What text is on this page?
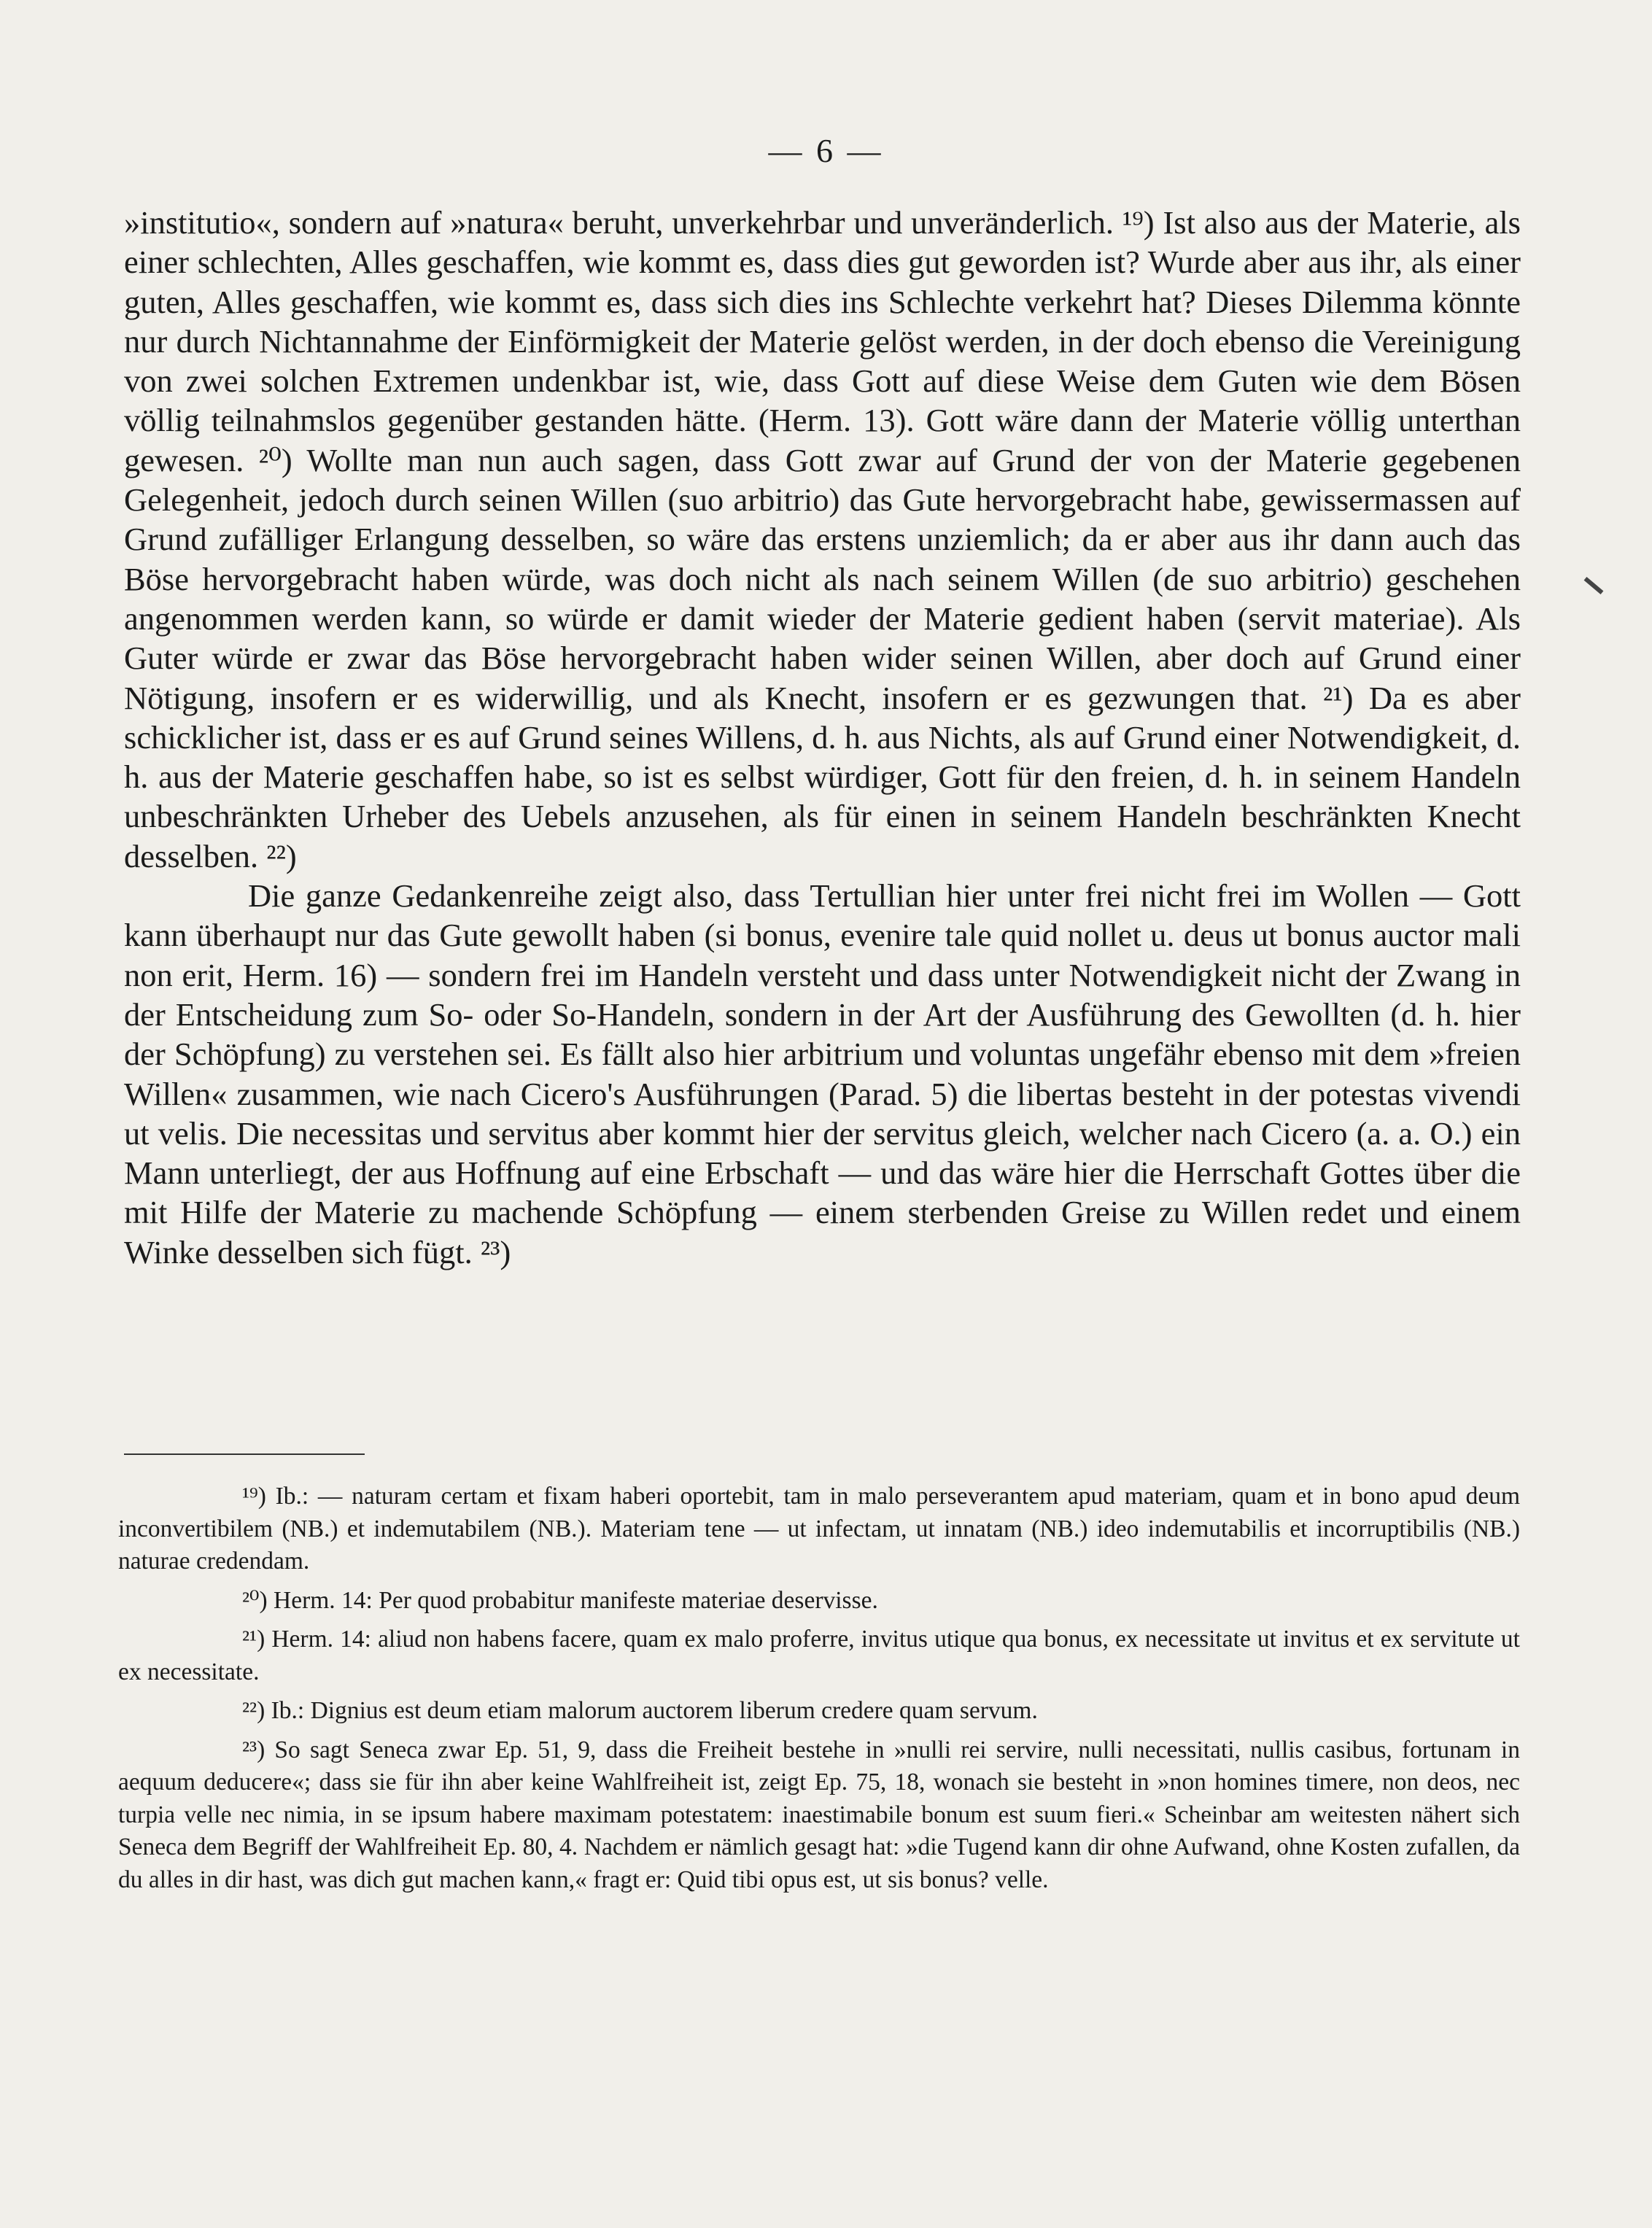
— 6 —

»institutio«, sondern auf »natura« beruht, unverkehrbar und unveränderlich. ¹⁹) Ist also aus der Materie, als einer schlechten, Alles geschaffen, wie kommt es, dass dies gut geworden ist? Wurde aber aus ihr, als einer guten, Alles geschaffen, wie kommt es, dass sich dies ins Schlechte verkehrt hat? Dieses Dilemma könnte nur durch Nichtannahme der Einförmigkeit der Materie gelöst werden, in der doch ebenso die Vereinigung von zwei solchen Extremen undenkbar ist, wie, dass Gott auf diese Weise dem Guten wie dem Bösen völlig teilnahmslos gegenüber gestanden hätte. (Herm. 13). Gott wäre dann der Materie völlig unterthan gewesen. ²⁰) Wollte man nun auch sagen, dass Gott zwar auf Grund der von der Materie gegebenen Gelegenheit, jedoch durch seinen Willen (suo arbitrio) das Gute hervorgebracht habe, gewissermassen auf Grund zufälliger Erlangung desselben, so wäre das erstens unziemlich; da er aber aus ihr dann auch das Böse hervorgebracht haben würde, was doch nicht als nach seinem Willen (de suo arbitrio) geschehen angenommen werden kann, so würde er damit wieder der Materie gedient haben (servit materiae). Als Guter würde er zwar das Böse hervorgebracht haben wider seinen Willen, aber doch auf Grund einer Nötigung, insofern er es widerwillig, und als Knecht, insofern er es gezwungen that. ²¹) Da es aber schicklicher ist, dass er es auf Grund seines Willens, d. h. aus Nichts, als auf Grund einer Notwendigkeit, d. h. aus der Materie geschaffen habe, so ist es selbst würdiger, Gott für den freien, d. h. in seinem Handeln unbeschränkten Urheber des Uebels anzusehen, als für einen in seinem Handeln beschränkten Knecht desselben. ²²)

Die ganze Gedankenreihe zeigt also, dass Tertullian hier unter frei nicht frei im Wollen — Gott kann überhaupt nur das Gute gewollt haben (si bonus, evenire tale quid nollet u. deus ut bonus auctor mali non erit, Herm. 16) — sondern frei im Handeln versteht und dass unter Notwendigkeit nicht der Zwang in der Entscheidung zum So- oder So-Handeln, sondern in der Art der Ausführung des Gewollten (d. h. hier der Schöpfung) zu verstehen sei. Es fällt also hier arbitrium und voluntas ungefähr ebenso mit dem »freien Willen« zusammen, wie nach Cicero's Ausführungen (Parad. 5) die libertas besteht in der potestas vivendi ut velis. Die necessitas und servitus aber kommt hier der servitus gleich, welcher nach Cicero (a. a. O.) ein Mann unterliegt, der aus Hoffnung auf eine Erbschaft — und das wäre hier die Herrschaft Gottes über die mit Hilfe der Materie zu machende Schöpfung — einem sterbenden Greise zu Willen redet und einem Winke desselben sich fügt. ²³)

¹⁹) Ib.: — naturam certam et fixam haberi oportebit, tam in malo perseverantem apud materiam, quam et in bono apud deum inconvertibilem (NB.) et indemutabilem (NB.). Materiam tene — ut infectam, ut innatam (NB.) ideo indemutabilis et incorruptibilis (NB.) naturae credendam.

²⁰) Herm. 14: Per quod probabitur manifeste materiae deservisse.

²¹) Herm. 14: aliud non habens facere, quam ex malo proferre, invitus utique qua bonus, ex necessitate ut invitus et ex servitute ut ex necessitate.

²²) Ib.: Dignius est deum etiam malorum auctorem liberum credere quam servum.

²³) So sagt Seneca zwar Ep. 51, 9, dass die Freiheit bestehe in »nulli rei servire, nulli necessitati, nullis casibus, fortunam in aequum deducere«; dass sie für ihn aber keine Wahlfreiheit ist, zeigt Ep. 75, 18, wonach sie besteht in »non homines timere, non deos, nec turpia velle nec nimia, in se ipsum habere maximam potestatem: inaestimabile bonum est suum fieri.« Scheinbar am weitesten nähert sich Seneca dem Begriff der Wahlfreiheit Ep. 80, 4. Nachdem er nämlich gesagt hat: »die Tugend kann dir ohne Aufwand, ohne Kosten zufallen, da du alles in dir hast, was dich gut machen kann,« fragt er: Quid tibi opus est, ut sis bonus? velle.
